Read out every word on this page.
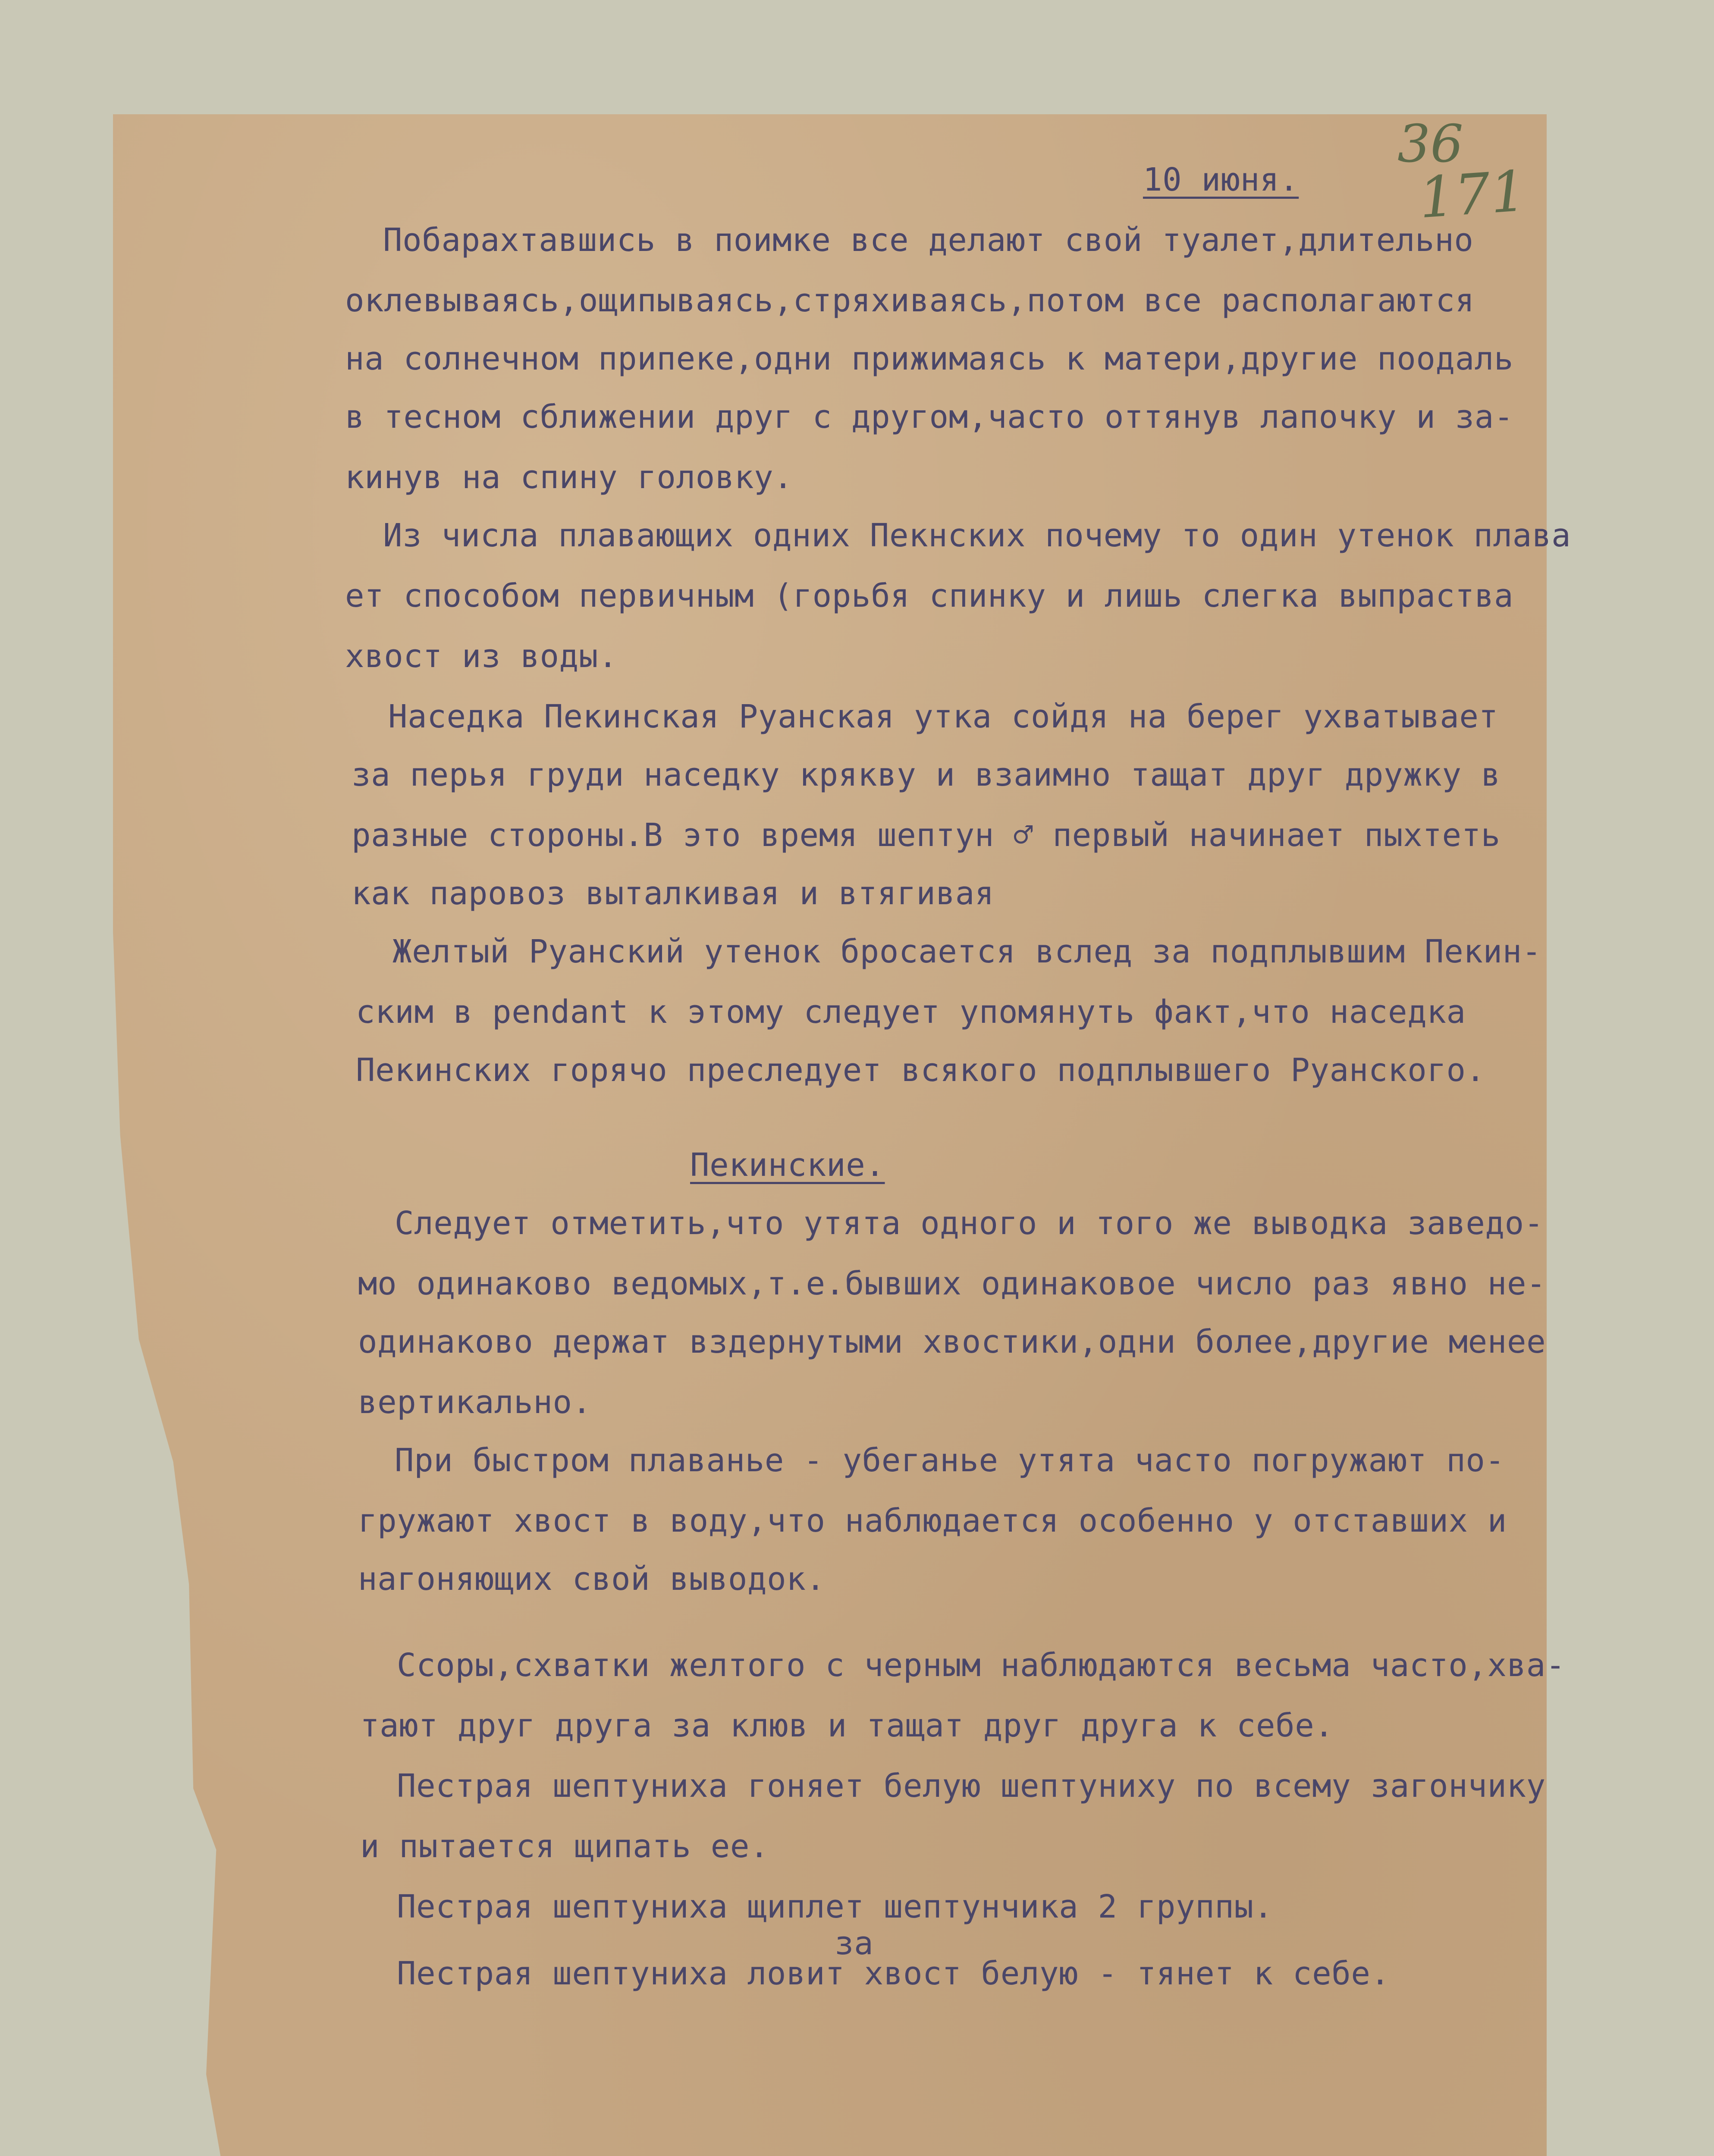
36
171
10 июня.
Побарахтавшись в поимке все делают свой туалет,длительно
оклевываясь,ощипываясь,стряхиваясь,потом все располагаются
на солнечном припеке,одни прижимаясь к матери,другие поодаль
в тесном сближении друг с другом,часто оттянув лапочку и за-
кинув на спину головку.
Из числа плавающих одних Пекнских почему то один утенок плава
ет способом первичным (горьбя спинку и лишь слегка выпраства
хвост из воды.
Наседка Пекинская Руанская утка сойдя на берег ухватывает
за перья груди наседку крякву и взаимно тащат друг дружку в
разные стороны.В это время шептун ♂ первый начинает пыхтеть
как паровоз выталкивая и втягивая
Желтый Руанский утенок бросается вслед за подплывшим Пекин-
ским в pendant к этому следует упомянуть факт,что наседка
Пекинских горячо преследует всякого подплывшего Руанского.
Пекинские.
Следует отметить,что утята одного и того же выводка заведо-
мо одинаково ведомых,т.е.бывших одинаковое число раз явно не-
одинаково держат вздернутыми хвостики,одни более,другие менее
вертикально.
При быстром плаванье - убеганье утята часто погружают по-
гружают хвост в воду,что наблюдается особенно у отставших и
нагоняющих свой выводок.
Ссоры,схватки желтого с черным наблюдаются весьма часто,хва-
тают друг друга за клюв и тащат друг друга к себе.
Пестрая шептуниха гоняет белую шептуниху по всему загончику
и пытается щипать ее.
Пестрая шептуниха щиплет шептунчика 2 группы.
за
Пестрая шептуниха ловит хвост белую - тянет к себе.
